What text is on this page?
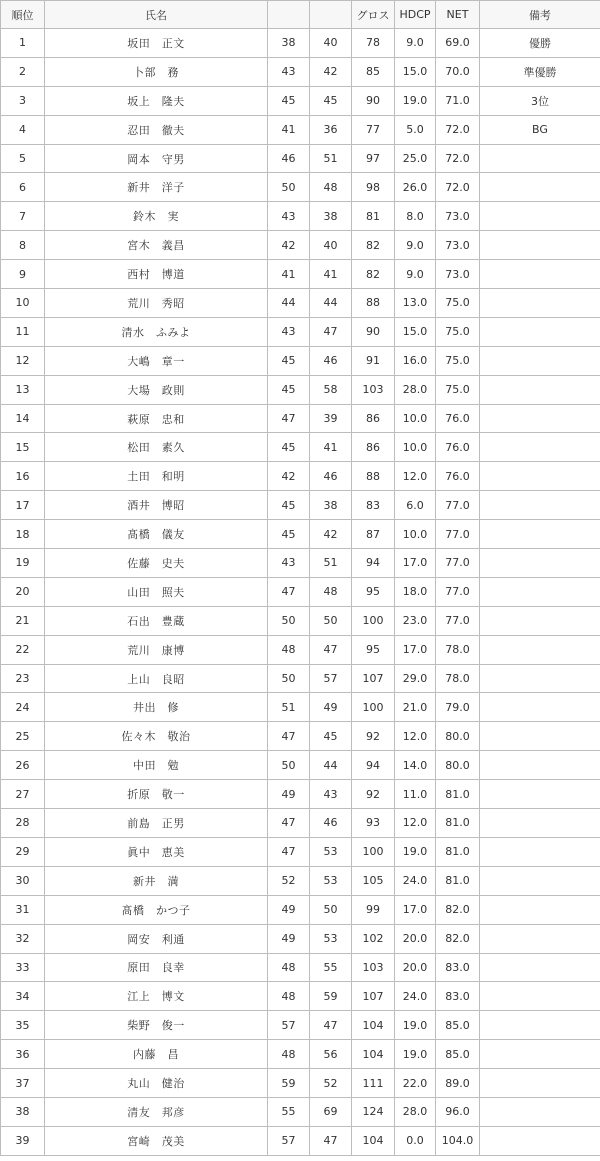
順位	氏名			グロス	HDCP	NET	備考
1	坂田　正文	38	40	78	9.0	69.0	優勝
2	卜部　務	43	42	85	15.0	70.0	準優勝
3	坂上　隆夫	45	45	90	19.0	71.0	3位
4	忍田　徹夫	41	36	77	5.0	72.0	BG
5	岡本　守男	46	51	97	25.0	72.0	
6	新井　洋子	50	48	98	26.0	72.0	
7	鈴木　実	43	38	81	8.0	73.0	
8	宮木　義昌	42	40	82	9.0	73.0	
9	西村　博道	41	41	82	9.0	73.0	
10	荒川　秀昭	44	44	88	13.0	75.0	
11	清水　ふみよ	43	47	90	15.0	75.0	
12	大嶋　章一	45	46	91	16.0	75.0	
13	大場　政則	45	58	103	28.0	75.0	
14	萩原　忠和	47	39	86	10.0	76.0	
15	松田　素久	45	41	86	10.0	76.0	
16	土田　和明	42	46	88	12.0	76.0	
17	酒井　博昭	45	38	83	6.0	77.0	
18	髙橋　儀友	45	42	87	10.0	77.0	
19	佐藤　史夫	43	51	94	17.0	77.0	
20	山田　照夫	47	48	95	18.0	77.0	
21	石出　豊蔵	50	50	100	23.0	77.0	
22	荒川　康博	48	47	95	17.0	78.0	
23	上山　良昭	50	57	107	29.0	78.0	
24	井出　修	51	49	100	21.0	79.0	
25	佐々木　敬治	47	45	92	12.0	80.0	
26	中田　勉	50	44	94	14.0	80.0	
27	折原　敬一	49	43	92	11.0	81.0	
28	前島　正男	47	46	93	12.0	81.0	
29	眞中　恵美	47	53	100	19.0	81.0	
30	新井　満	52	53	105	24.0	81.0	
31	髙橋　かつ子	49	50	99	17.0	82.0	
32	岡安　利通	49	53	102	20.0	82.0	
33	原田　良幸	48	55	103	20.0	83.0	
34	江上　博文	48	59	107	24.0	83.0	
35	柴野　俊一	57	47	104	19.0	85.0	
36	内藤　昌	48	56	104	19.0	85.0	
37	丸山　健治	59	52	111	22.0	89.0	
38	清友　邦彦	55	69	124	28.0	96.0	
39	宮崎　茂美	57	47	104	0.0	104.0	
